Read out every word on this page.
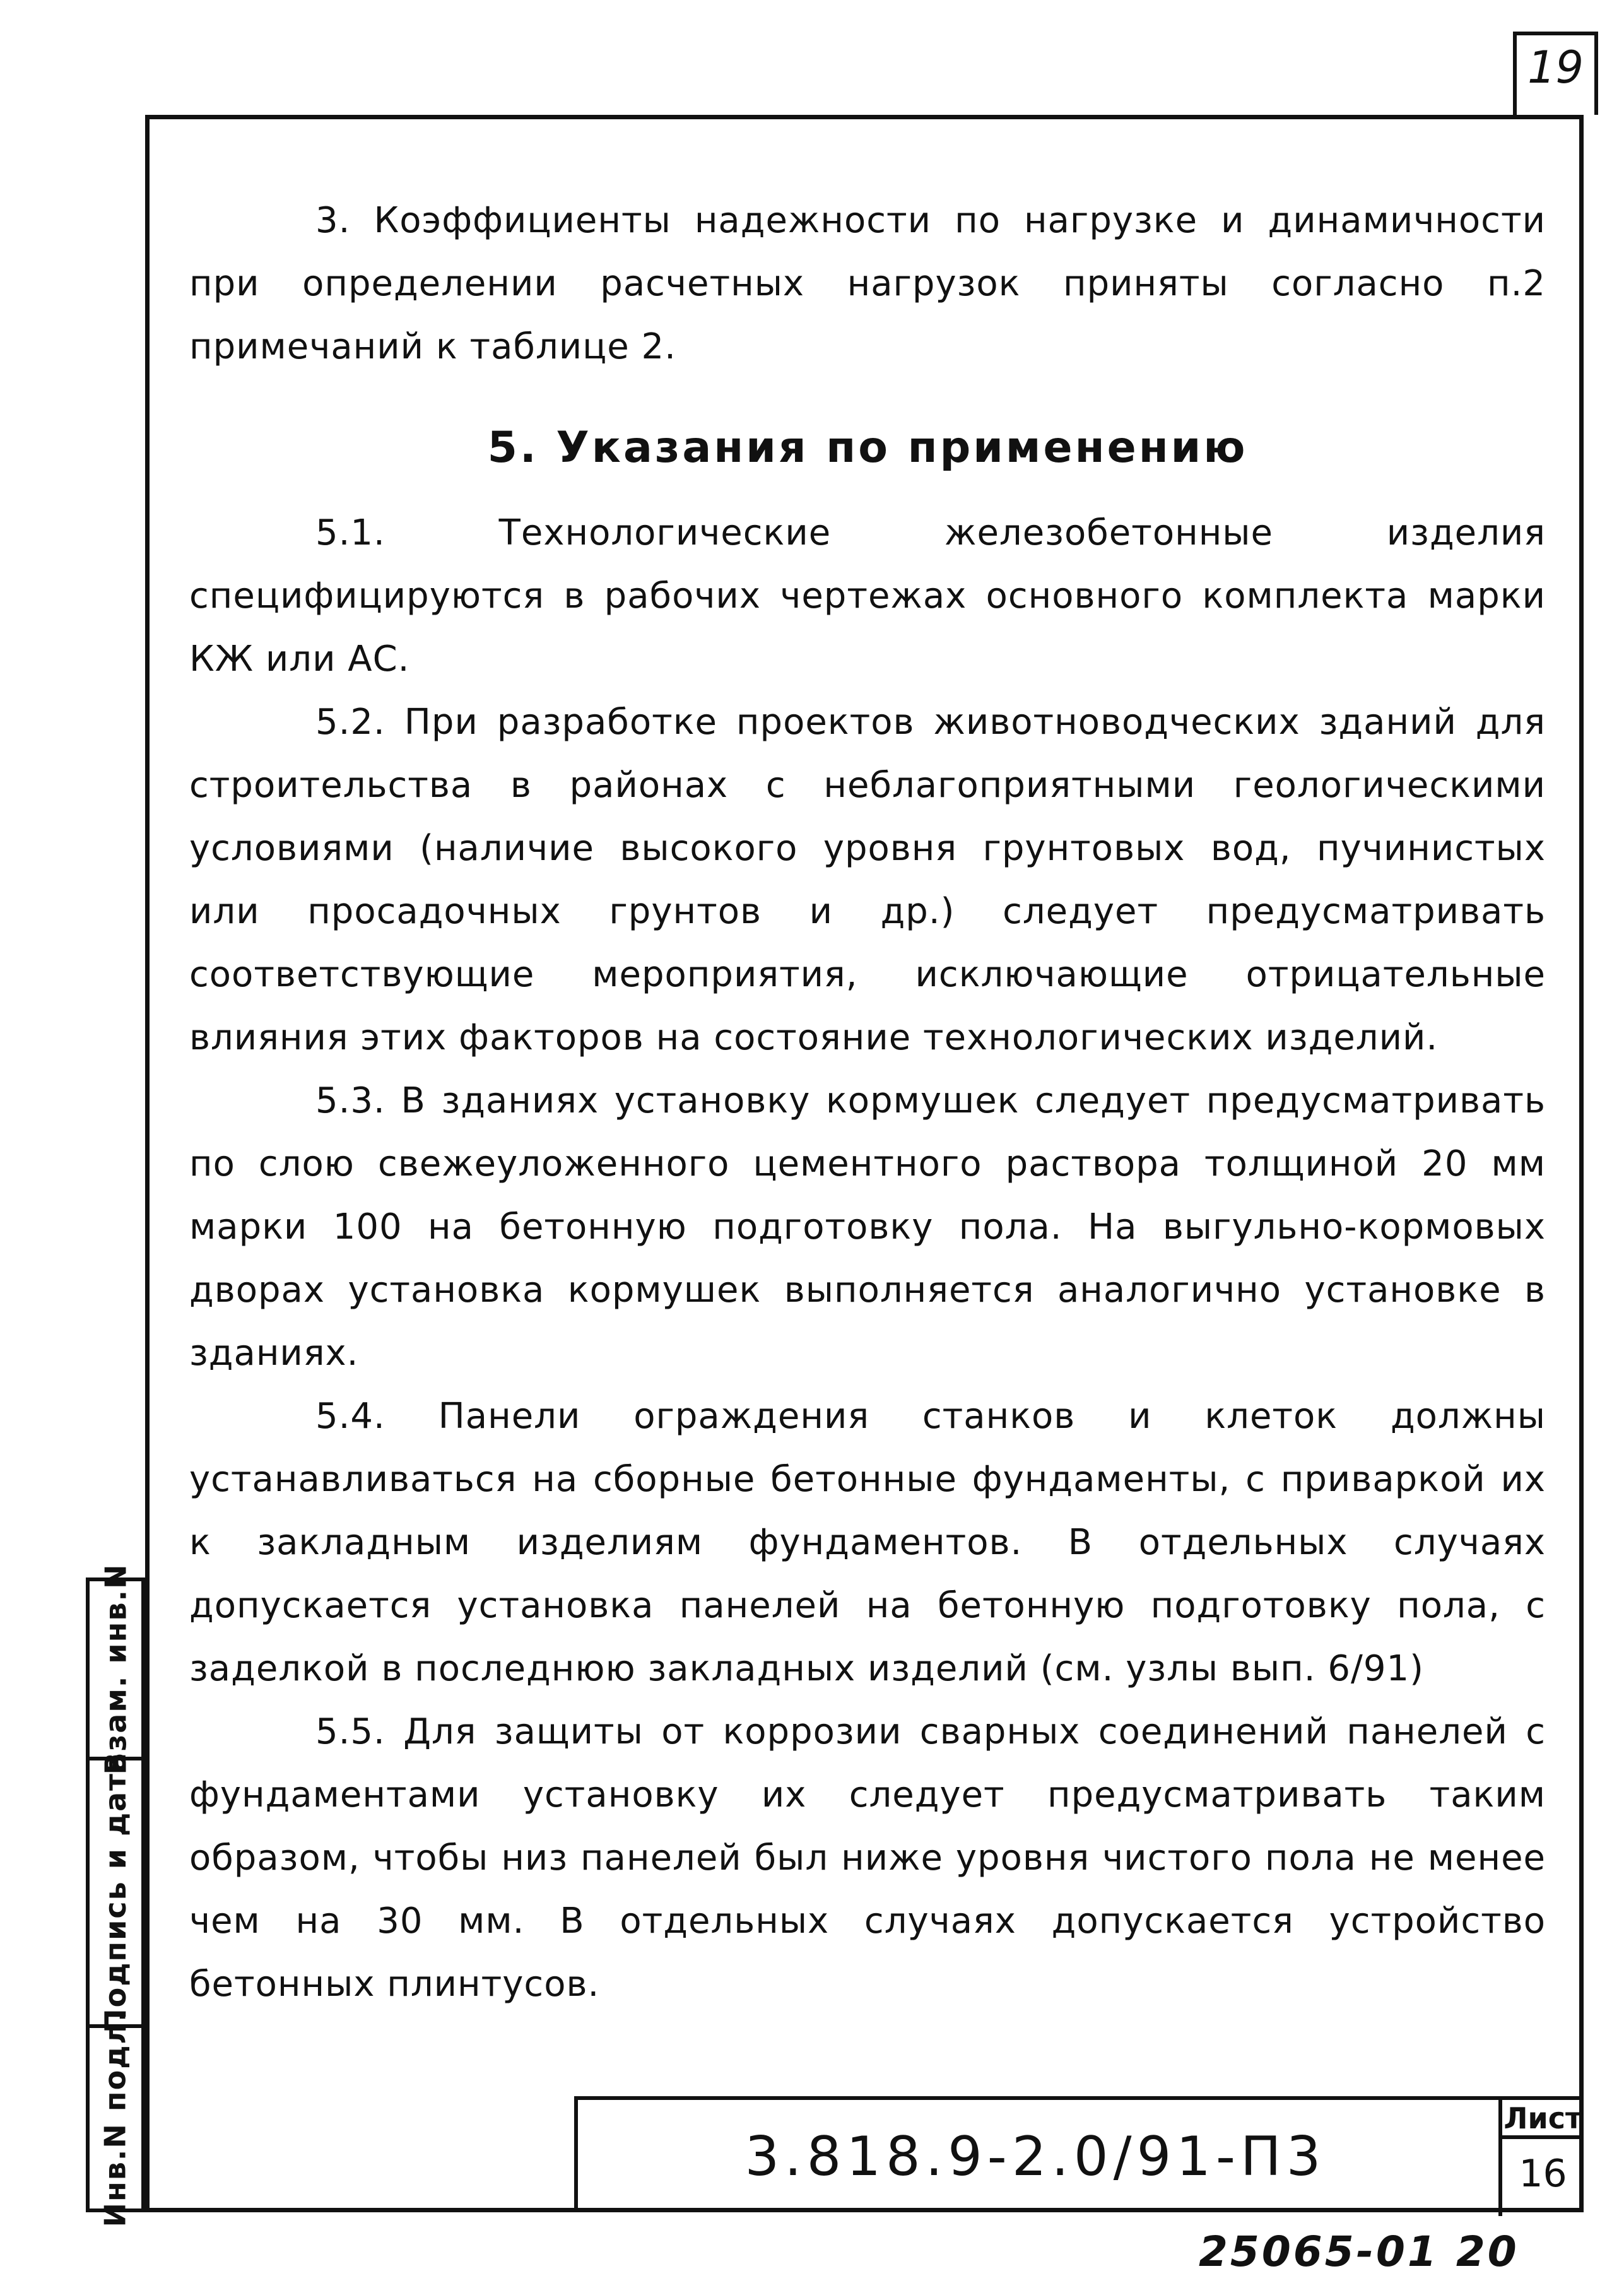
19

3. Коэффициенты надежности по нагрузке и динамичности при определении расчетных нагрузок приняты согласно п.2 примечаний к таблице 2.

5. Указания по применению

5.1. Технологические железобетонные изделия специфицируются в рабочих чертежах основного комплекта марки КЖ или АС.

5.2. При разработке проектов животноводческих зданий для строительства в районах с неблагоприятными геологическими условиями (наличие высокого уровня грунтовых вод, пучинистых или просадочных грунтов и др.) следует предусматривать соответствующие мероприятия, исключающие отрицательные влияния этих факторов на состояние технологических изделий.

5.3. В зданиях установку кормушек следует предусматривать по слою свежеуложенного цементного раствора толщиной 20 мм марки 100 на бетонную подготовку пола. На выгульно-кормовых дворах установка кормушек выполняется аналогично установке в зданиях.

5.4. Панели ограждения станков и клеток должны устанавливаться на сборные бетонные фундаменты, с приваркой их к закладным изделиям фундаментов. В отдельных случаях допускается установка панелей на бетонную подготовку пола, с заделкой в последнюю закладных изделий (см. узлы вып. 6/91)

5.5. Для защиты от коррозии сварных соединений панелей с фундаментами установку их следует предусматривать таким образом, чтобы низ панелей был ниже уровня чистого пола не менее чем на 30 мм. В отдельных случаях допускается устройство бетонных плинтусов.

Взам. инв.N
Подпись и дата
Инв.N подл.	3.818.9-2.0/91-П3
Лист
16
25065-01 20
